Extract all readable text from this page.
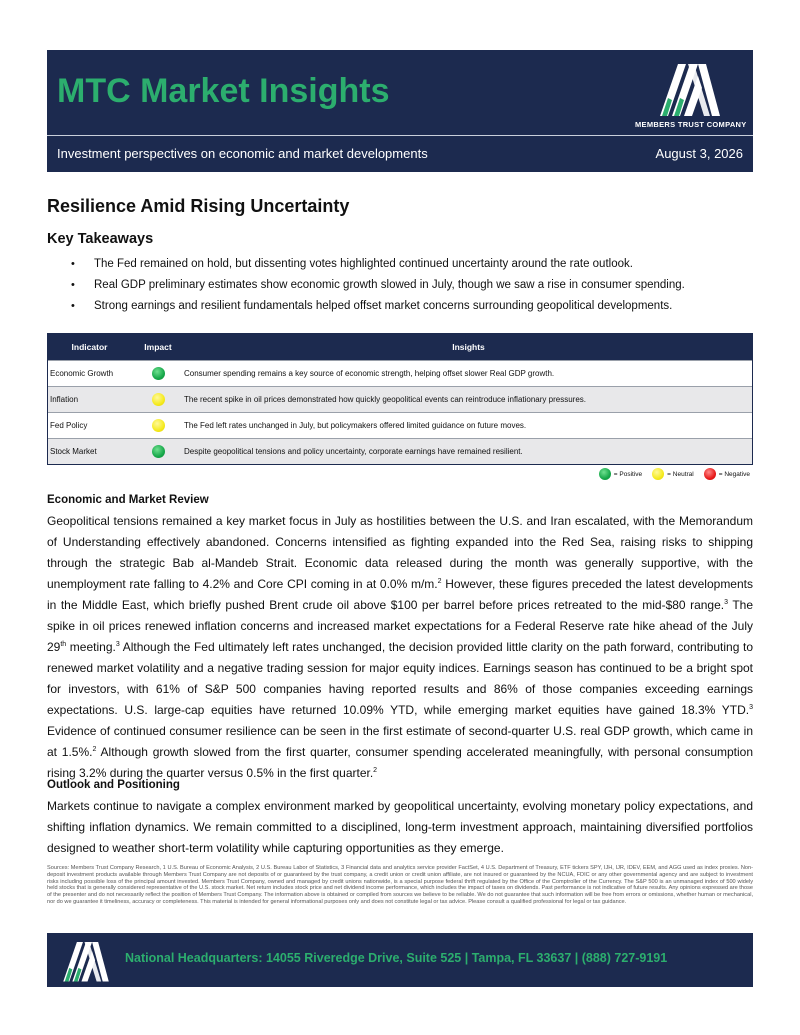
MTC Market Insights
MEMBERS TRUST COMPANY
Investment perspectives on economic and market developments	August 3, 2026
Resilience Amid Rising Uncertainty
Key Takeaways
• The Fed remained on hold, but dissenting votes highlighted continued uncertainty around the rate outlook.
• Real GDP preliminary estimates show economic growth slowed in July, though we saw a rise in consumer spending.
• Strong earnings and resilient fundamentals helped offset market concerns surrounding geopolitical developments.
Indicator	Impact	Insights
Economic Growth		Consumer spending remains a key source of economic strength, helping offset slower Real GDP growth.
Inflation		The recent spike in oil prices demonstrated how quickly geopolitical events can reintroduce inflationary pressures.
Fed Policy		The Fed left rates unchanged in July, but policymakers offered limited guidance on future moves.
Stock Market		Despite geopolitical tensions and policy uncertainty, corporate earnings have remained resilient.
= Positive	= Neutral	= Negative
Economic and Market Review
Geopolitical tensions remained a key market focus in July as hostilities between the U.S. and Iran escalated, with the Memorandum of Understanding effectively abandoned. Concerns intensified as fighting expanded into the Red Sea, raising risks to shipping through the strategic Bab al-Mandeb Strait. Economic data released during the month was generally supportive, with the unemployment rate falling to 4.2% and Core CPI coming in at 0.0% m/m.$^2$ However, these figures preceded the latest developments in the Middle East, which briefly pushed Brent crude oil above $100 per barrel before prices retreated to the mid-$80 range.$^3$ The spike in oil prices renewed inflation concerns and increased market expectations for a Federal Reserve rate hike ahead of the July 29th meeting.$^3$ Although the Fed ultimately left rates unchanged, the decision provided little clarity on the path forward, contributing to renewed market volatility and a negative trading session for major equity indices. Earnings season has continued to be a bright spot for investors, with 61% of S&P 500 companies having reported results and 86% of those companies exceeding earnings expectations. U.S. large-cap equities have returned 10.09% YTD, while emerging market equities have gained 18.3% YTD.$^3$ Evidence of continued consumer resilience can be seen in the first estimate of second-quarter U.S. real GDP growth, which came in at 1.5%.$^2$ Although growth slowed from the first quarter, consumer spending accelerated meaningfully, with personal consumption rising 3.2% during the quarter versus 0.5% in the first quarter.$^2$
Outlook and Positioning
Markets continue to navigate a complex environment marked by geopolitical uncertainty, evolving monetary policy expectations, and shifting inflation dynamics. We remain committed to a disciplined, long-term investment approach, maintaining diversified portfolios designed to weather short-term volatility while capturing opportunities as they emerge.
Sources: Members Trust Company Research, 1 U.S. Bureau of Economic Analysis, 2 U.S. Bureau Labor of Statistics, 3 Financial data and analytics service provider FactSet, 4 U.S. Department of Treasury, ETF tickers SPY, IJH, IJR, IDEV, EEM, and AGG used as index proxies. Non-deposit investment products available through Members Trust Company are not deposits of or guaranteed by the trust company, a credit union or credit union affiliate, are not insured or guaranteed by the NCUA, FDIC or any other governmental agency and are subject to investment risks including possible loss of the principal amount invested. Members Trust Company, owned and managed by credit unions nationwide, is a special purpose federal thrift regulated by the Office of the Comptroller of the Currency. The S&P 500 is an unmanaged index of 500 widely held stocks that is generally considered representative of the U.S. stock market. Net return includes stock price and net dividend income performance, which includes the impact of taxes on dividends. Past performance is not indicative of future results. Any opinions expressed are those of the presenter and do not necessarily reflect the position of Members Trust Company. The information above is obtained or compiled from sources we believe to be reliable. We do not guarantee that such information will be free from errors or omissions, whether human or mechanical, nor do we guarantee it timeliness, accuracy or completeness. This material is intended for general informational purposes only and does not constitute legal or tax advice. Please consult a qualified professional for legal or tax guidance.
National Headquarters: 14055 Riveredge Drive, Suite 525 | Tampa, FL 33637 | (888) 727-9191
